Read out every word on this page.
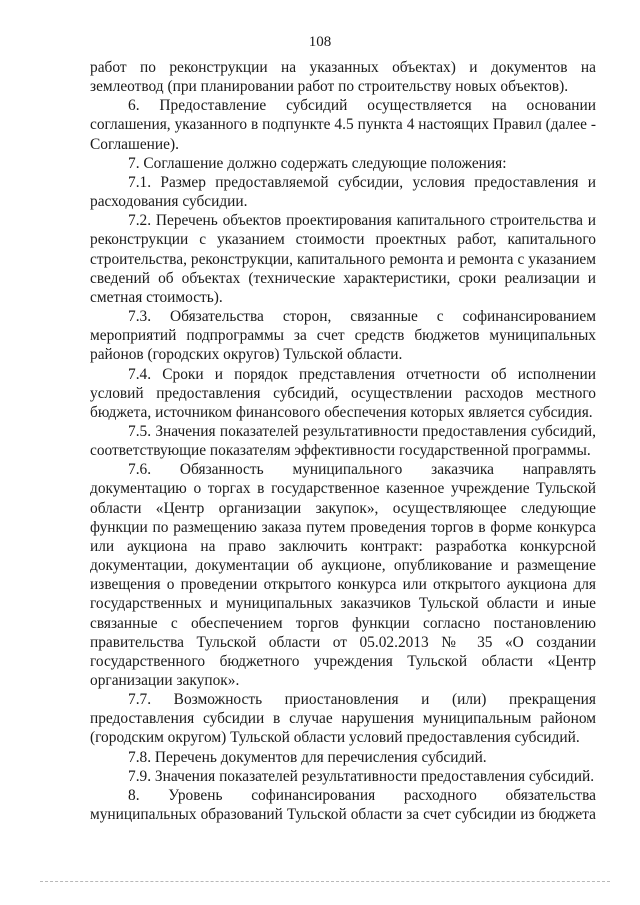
108

работ по реконструкции на указанных объектах) и документов на землеотвод (при планировании работ по строительству новых объектов).

6. Предоставление субсидий осуществляется на основании соглашения, указанного в подпункте 4.5 пункта 4 настоящих Правил (далее - Соглашение).

7. Соглашение должно содержать следующие положения:

7.1. Размер предоставляемой субсидии, условия предоставления и расходования субсидии.

7.2. Перечень объектов проектирования капитального строительства и реконструкции с указанием стоимости проектных работ, капитального строительства, реконструкции, капитального ремонта и ремонта с указанием сведений об объектах (технические характеристики, сроки реализации и сметная стоимость).

7.3. Обязательства сторон, связанные с софинансированием мероприятий подпрограммы за счет средств бюджетов муниципальных районов (городских округов) Тульской области.

7.4. Сроки и порядок представления отчетности об исполнении условий предоставления субсидий, осуществлении расходов местного бюджета, источником финансового обеспечения которых является субсидия.

7.5. Значения показателей результативности предоставления субсидий, соответствующие показателям эффективности государственной программы.

7.6. Обязанность муниципального заказчика направлять документацию о торгах в государственное казенное учреждение Тульской области «Центр организации закупок», осуществляющее следующие функции по размещению заказа путем проведения торгов в форме конкурса или аукциона на право заключить контракт: разработка конкурсной документации, документации об аукционе, опубликование и размещение извещения о проведении открытого конкурса или открытого аукциона для государственных и муниципальных заказчиков Тульской области и иные связанные с обеспечением торгов функции согласно постановлению правительства Тульской области от 05.02.2013 № 35 «О создании государственного бюджетного учреждения Тульской области «Центр организации закупок».

7.7. Возможность приостановления и (или) прекращения предоставления субсидии в случае нарушения муниципальным районом (городским округом) Тульской области условий предоставления субсидий.

7.8. Перечень документов для перечисления субсидий.

7.9. Значения показателей результативности предоставления субсидий.

8. Уровень софинансирования расходного обязательства муниципальных образований Тульской области за счет субсидии из бюджета
